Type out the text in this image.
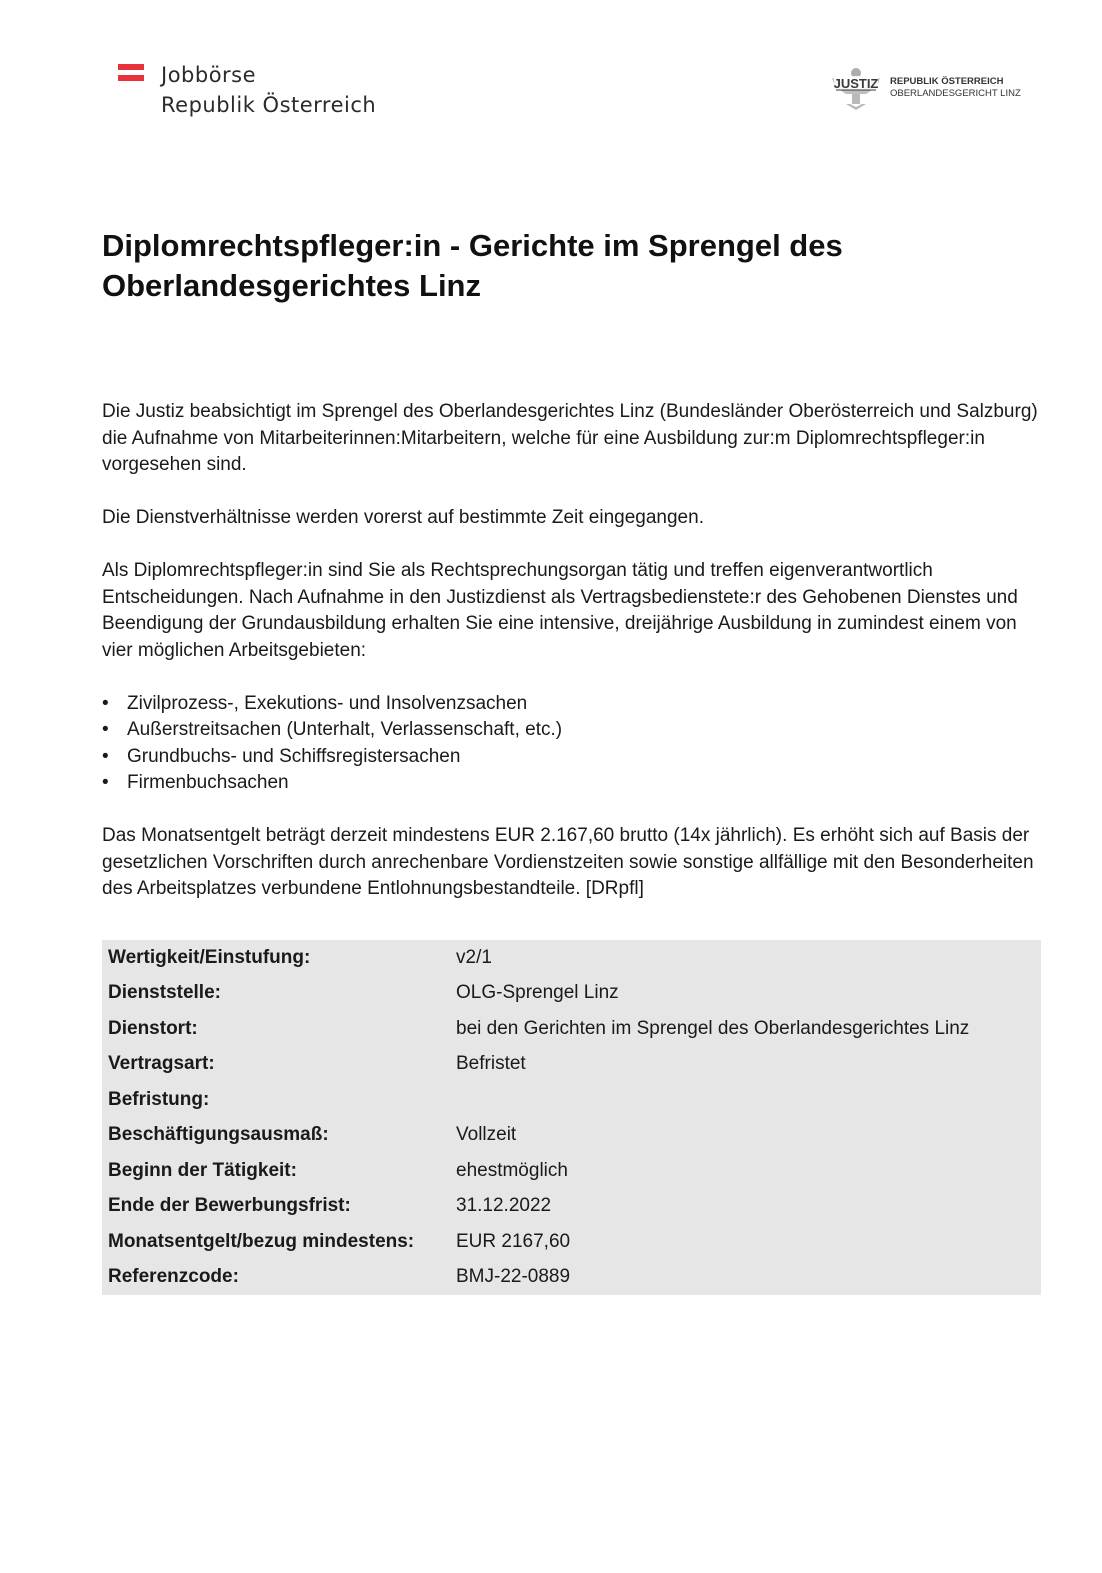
Jobbörse
Republik Österreich
JUSTIZ REPUBLIK ÖSTERREICH
OBERLANDESGERICHT LINZ
Diplomrechtspfleger:in - Gerichte im Sprengel des Oberlandesgerichtes Linz

Die Justiz beabsichtigt im Sprengel des Oberlandesgerichtes Linz (Bundesländer Oberösterreich und Salzburg) die Aufnahme von Mitarbeiterinnen:Mitarbeitern, welche für eine Ausbildung zur:m Diplomrechtspfleger:in vorgesehen sind.

Die Dienstverhältnisse werden vorerst auf bestimmte Zeit eingegangen.

Als Diplomrechtspfleger:in sind Sie als Rechtsprechungsorgan tätig und treffen eigenverantwortlich Entscheidungen. Nach Aufnahme in den Justizdienst als Vertragsbedienstete:r des Gehobenen Dienstes und Beendigung der Grundausbildung erhalten Sie eine intensive, dreijährige Ausbildung in zumindest einem von vier möglichen Arbeitsgebieten:

• Zivilprozess-, Exekutions- und Insolvenzsachen
• Außerstreitsachen (Unterhalt, Verlassenschaft, etc.)
• Grundbuchs- und Schiffsregistersachen
• Firmenbuchsachen

Das Monatsentgelt beträgt derzeit mindestens EUR 2.167,60 brutto (14x jährlich). Es erhöht sich auf Basis der gesetzlichen Vorschriften durch anrechenbare Vordienstzeiten sowie sonstige allfällige mit den Besonderheiten des Arbeitsplatzes verbundene Entlohnungsbestandteile. [DRpfl]

Wertigkeit/Einstufung:	v2/1
Dienststelle:	OLG-Sprengel Linz
Dienstort:	bei den Gerichten im Sprengel des Oberlandesgerichtes Linz
Vertragsart:	Befristet
Befristung:	
Beschäftigungsausmaß:	Vollzeit
Beginn der Tätigkeit:	ehestmöglich
Ende der Bewerbungsfrist:	31.12.2022
Monatsentgelt/bezug mindestens:	EUR 2167,60
Referenzcode:	BMJ-22-0889
